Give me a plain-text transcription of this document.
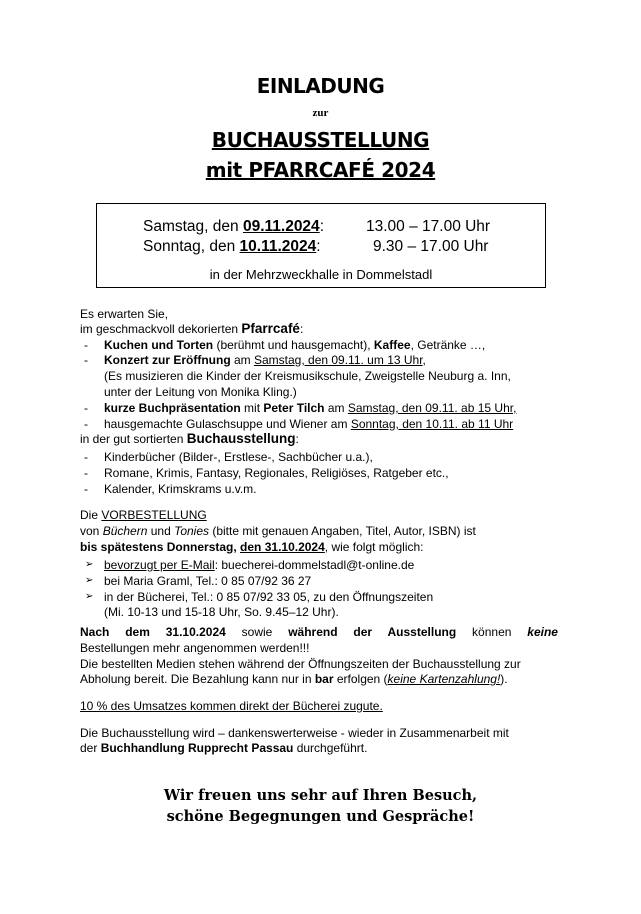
EINLADUNG
zur
BUCHAUSSTELLUNG
mit PFARRCAFÉ 2024
Samstag, den 09.11.2024:	13.00 – 17.00 Uhr
Sonntag, den 10.11.2024:	9.30 – 17.00 Uhr
in der Mehrzweckhalle in Dommelstadl
Es erwarten Sie,
im geschmackvoll dekorierten Pfarrcafé:
- Kuchen und Torten (berühmt und hausgemacht), Kaffee, Getränke …,
- Konzert zur Eröffnung am Samstag, den 09.11. um 13 Uhr,
(Es musizieren die Kinder der Kreismusikschule, Zweigstelle Neuburg a. Inn,
unter der Leitung von Monika Kling.)
- kurze Buchpräsentation mit Peter Tilch am Samstag, den 09.11. ab 15 Uhr,
- hausgemachte Gulaschsuppe und Wiener am Sonntag, den 10.11. ab 11 Uhr
in der gut sortierten Buchausstellung:
- Kinderbücher (Bilder-, Erstlese-, Sachbücher u.a.),
- Romane, Krimis, Fantasy, Regionales, Religiöses, Ratgeber etc.,
- Kalender, Krimskrams u.v.m.
Die VORBESTELLUNG
von Büchern und Tonies (bitte mit genauen Angaben, Titel, Autor, ISBN) ist
bis spätestens Donnerstag, den 31.10.2024, wie folgt möglich:
➢ bevorzugt per E-Mail: buecherei-dommelstadl@t-online.de
➢ bei Maria Graml, Tel.: 0 85 07/92 36 27
➢ in der Bücherei, Tel.: 0 85 07/92 33 05, zu den Öffnungszeiten
(Mi. 10-13 und 15-18 Uhr, So. 9.45–12 Uhr).
Nach dem 31.10.2024 sowie während der Ausstellung können keine
Bestellungen mehr angenommen werden!!!
Die bestellten Medien stehen während der Öffnungszeiten der Buchausstellung zur
Abholung bereit. Die Bezahlung kann nur in bar erfolgen (keine Kartenzahlung!).
10 % des Umsatzes kommen direkt der Bücherei zugute.
Die Buchausstellung wird – dankenswerterweise - wieder in Zusammenarbeit mit
der Buchhandlung Rupprecht Passau durchgeführt.
Wir freuen uns sehr auf Ihren Besuch,
schöne Begegnungen und Gespräche!
